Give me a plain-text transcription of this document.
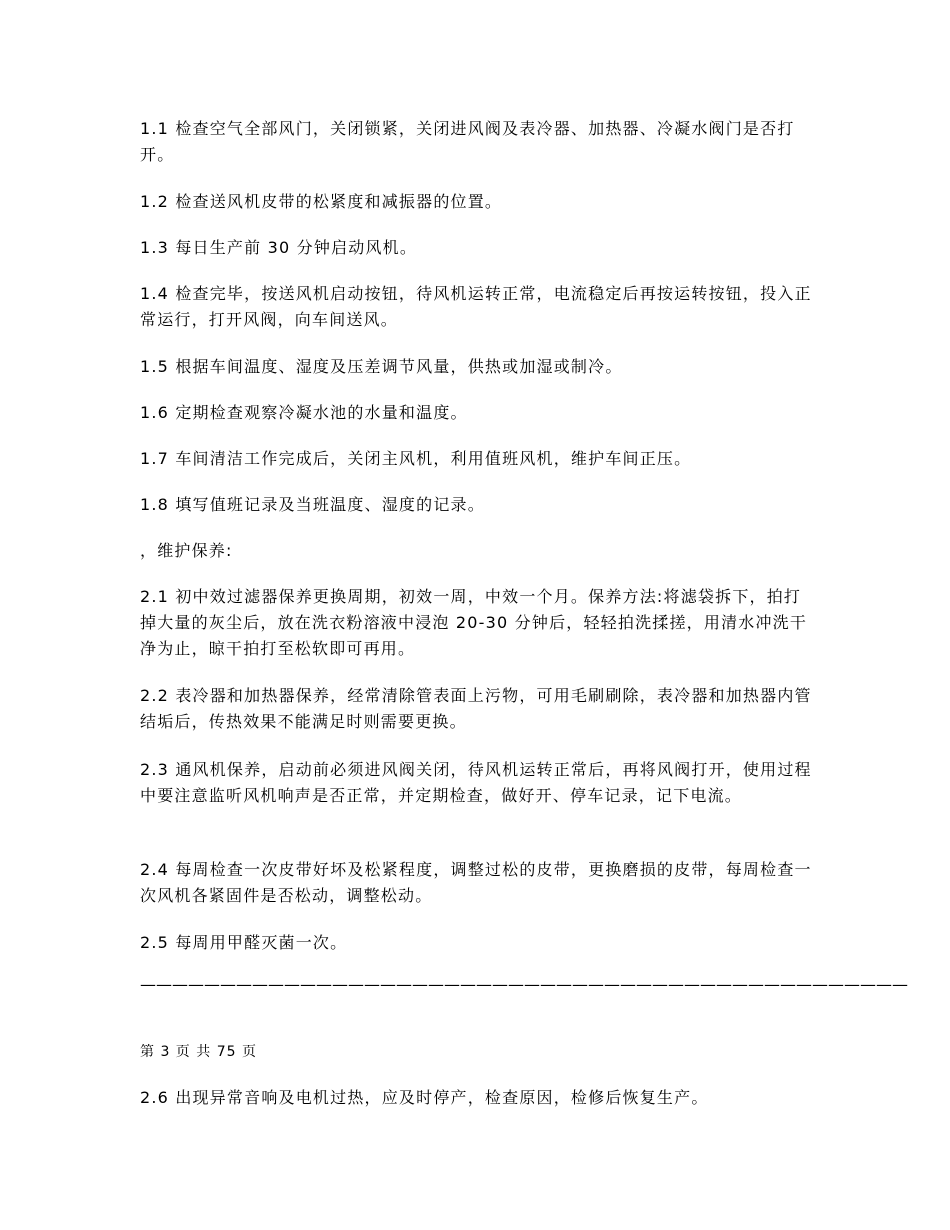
1.1 检查空气全部风门，关闭锁紧，关闭进风阀及表冷器、加热器、冷凝水阀门是否打开。

1.2 检查送风机皮带的松紧度和减振器的位置。

1.3 每日生产前 30 分钟启动风机。

1.4 检查完毕，按送风机启动按钮，待风机运转正常，电流稳定后再按运转按钮，投入正常运行，打开风阀，向车间送风。

1.5 根据车间温度、湿度及压差调节风量，供热或加湿或制冷。

1.6 定期检查观察冷凝水池的水量和温度。

1.7 车间清洁工作完成后，关闭主风机，利用值班风机，维护车间正压。

1.8 填写值班记录及当班温度、湿度的记录。

，维护保养:

2.1 初中效过滤器保养更换周期，初效一周，中效一个月。保养方法:将滤袋拆下，拍打掉大量的灰尘后，放在洗衣粉溶液中浸泡 20-30 分钟后，轻轻拍洗揉搓，用清水冲洗干净为止，晾干拍打至松软即可再用。

2.2 表冷器和加热器保养，经常清除管表面上污物，可用毛刷刷除，表冷器和加热器内管结垢后，传热效果不能满足时则需要更换。

2.3 通风机保养，启动前必须进风阀关闭，待风机运转正常后，再将风阀打开，使用过程中要注意监听风机响声是否正常，并定期检查，做好开、停车记录，记下电流。

2.4 每周检查一次皮带好坏及松紧程度，调整过松的皮带，更换磨损的皮带，每周检查一次风机各紧固件是否松动，调整松动。

2.5 每周用甲醛灭菌一次。

————————————————————————————————————————————————

第 3 页 共 75 页

2.6 出现异常音响及电机过热，应及时停产，检查原因，检修后恢复生产。
